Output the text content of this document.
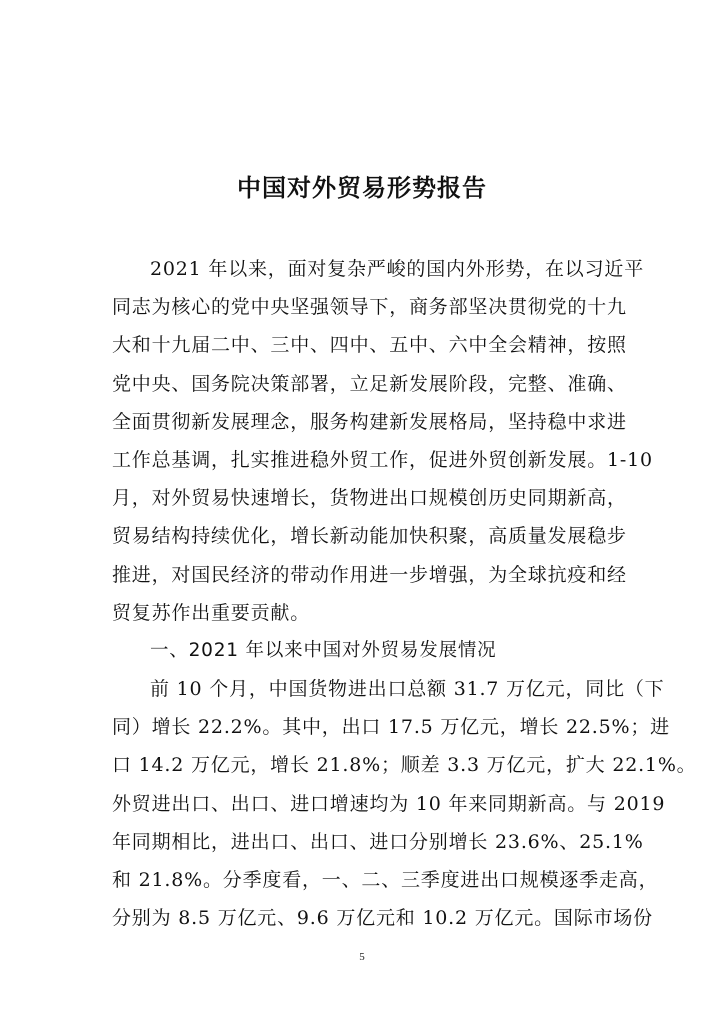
中国对外贸易形势报告
2021 年以来，面对复杂严峻的国内外形势，在以习近平
同志为核心的党中央坚强领导下，商务部坚决贯彻党的十九
大和十九届二中、三中、四中、五中、六中全会精神，按照
党中央、国务院决策部署，立足新发展阶段，完整、准确、
全面贯彻新发展理念，服务构建新发展格局，坚持稳中求进
工作总基调，扎实推进稳外贸工作，促进外贸创新发展。1-10
月，对外贸易快速增长，货物进出口规模创历史同期新高，
贸易结构持续优化，增长新动能加快积聚，高质量发展稳步
推进，对国民经济的带动作用进一步增强，为全球抗疫和经
贸复苏作出重要贡献。
一、2021 年以来中国对外贸易发展情况
前 10 个月，中国货物进出口总额 31.7 万亿元，同比（下
同）增长 22.2%。其中，出口 17.5 万亿元，增长 22.5%；进
口 14.2 万亿元，增长 21.8%；顺差 3.3 万亿元，扩大 22.1%。
外贸进出口、出口、进口增速均为 10 年来同期新高。与 2019
年同期相比，进出口、出口、进口分别增长 23.6%、25.1%
和 21.8%。分季度看，一、二、三季度进出口规模逐季走高，
分别为 8.5 万亿元、9.6 万亿元和 10.2 万亿元。国际市场份
5
